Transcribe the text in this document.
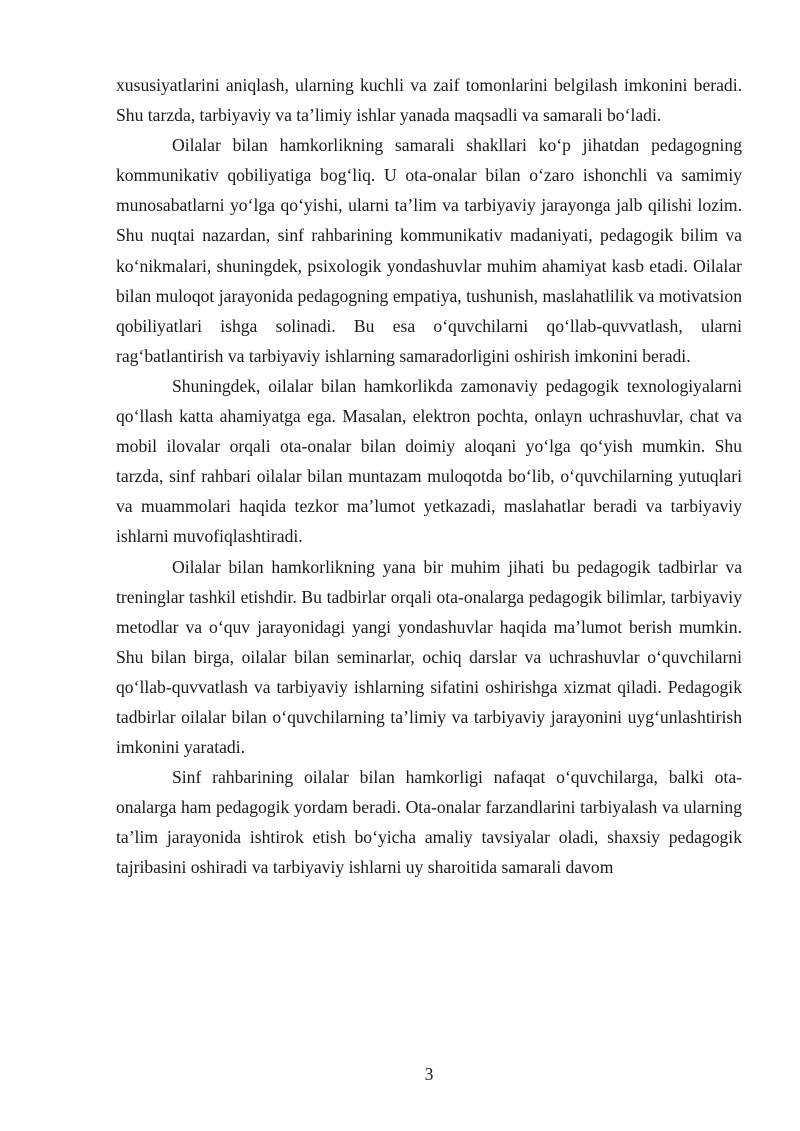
xususiyatlarini aniqlash, ularning kuchli va zaif tomonlarini belgilash imkonini beradi. Shu tarzda, tarbiyaviy va ta’limiy ishlar yanada maqsadli va samarali bo‘ladi.

Oilalar bilan hamkorlikning samarali shakllari ko‘p jihatdan pedagogning kommunikativ qobiliyatiga bog‘liq. U ota-onalar bilan o‘zaro ishonchli va samimiy munosabatlarni yo‘lga qo‘yishi, ularni ta’lim va tarbiyaviy jarayonga jalb qilishi lozim. Shu nuqtai nazardan, sinf rahbarining kommunikativ madaniyati, pedagogik bilim va ko‘nikmalari, shuningdek, psixologik yondashuvlar muhim ahamiyat kasb etadi. Oilalar bilan muloqot jarayonida pedagogning empatiya, tushunish, maslahatlilik va motivatsion qobiliyatlari ishga solinadi. Bu esa o‘quvchilarni qo‘llab-quvvatlash, ularni rag‘batlantirish va tarbiyaviy ishlarning samaradorligini oshirish imkonini beradi.

Shuningdek, oilalar bilan hamkorlikda zamonaviy pedagogik texnologiyalarni qo‘llash katta ahamiyatga ega. Masalan, elektron pochta, onlayn uchrashuvlar, chat va mobil ilovalar orqali ota-onalar bilan doimiy aloqani yo‘lga qo‘yish mumkin. Shu tarzda, sinf rahbari oilalar bilan muntazam muloqotda bo‘lib, o‘quvchilarning yutuqlari va muammolari haqida tezkor ma’lumot yetkazadi, maslahatlar beradi va tarbiyaviy ishlarni muvofiqlashtiradi.

Oilalar bilan hamkorlikning yana bir muhim jihati bu pedagogik tadbirlar va treninglar tashkil etishdir. Bu tadbirlar orqali ota-onalarga pedagogik bilimlar, tarbiyaviy metodlar va o‘quv jarayonidagi yangi yondashuvlar haqida ma’lumot berish mumkin. Shu bilan birga, oilalar bilan seminarlar, ochiq darslar va uchrashuvlar o‘quvchilarni qo‘llab-quvvatlash va tarbiyaviy ishlarning sifatini oshirishga xizmat qiladi. Pedagogik tadbirlar oilalar bilan o‘quvchilarning ta’limiy va tarbiyaviy jarayonini uyg‘unlashtirish imkonini yaratadi.

Sinf rahbarining oilalar bilan hamkorligi nafaqat o‘quvchilarga, balki ota-onalarga ham pedagogik yordam beradi. Ota-onalar farzandlarini tarbiyalash va ularning ta’lim jarayonida ishtirok etish bo‘yicha amaliy tavsiyalar oladi, shaxsiy pedagogik tajribasini oshiradi va tarbiyaviy ishlarni uy sharoitida samarali davom

3
